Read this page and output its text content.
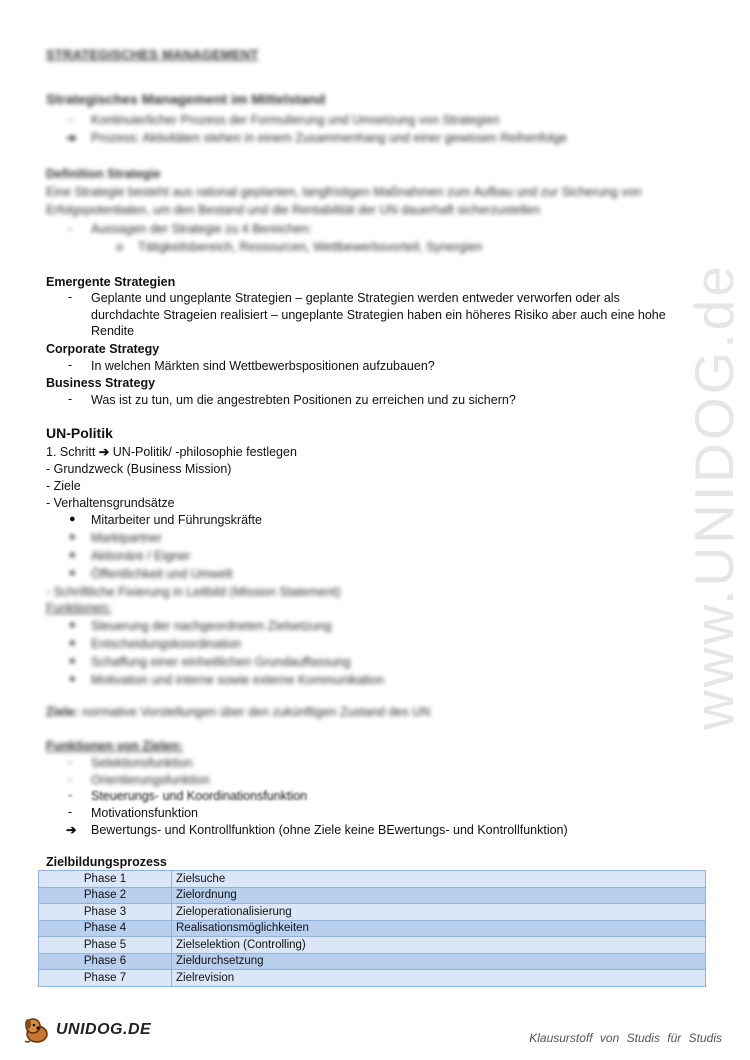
www.UNIDOG.de
STRATEGISCHES MANAGEMENT
Strategisches Management im Mittelstand
- Kontinuierlicher Prozess der Formulierung und Umsetzung von Strategien
➔ Prozess: Aktivitäten stehen in einem Zusammenhang und einer gewissen Reihenfolge
Definition Strategie
Eine Strategie besteht aus rational geplanten, langfristigen Maßnahmen zum Aufbau und zur Sicherung von
Erfolgspotentialen, um den Bestand und die Rentabilität der UN dauerhaft sicherzustellen
- Aussagen der Strategie zu 4 Bereichen:
o Tätigkeitsbereich, Ressourcen, Wettbewerbsvorteil, Synergien
Emergente Strategien
- Geplante und ungeplante Strategien – geplante Strategien werden entweder verworfen oder als durchdachte Strageien realisiert – ungeplante Strategien haben ein höheres Risiko aber auch eine hohe Rendite
Corporate Strategy
- In welchen Märkten sind Wettbewerbspositionen aufzubauen?
Business Strategy
- Was ist zu tun, um die angestrebten Positionen zu erreichen und zu sichern?
UN-Politik
1. Schritt ➔ UN-Politik/ -philosophie festlegen
- Grundzweck (Business Mission)
- Ziele
- Verhaltensgrundsätze
● Mitarbeiter und Führungskräfte
● Marktpartner
● Aktionäre / Eigner
● Öffentlichkeit und Umwelt
- Schriftliche Fixierung in Leitbild (Mission Statement)
Funktionen:
● Steuerung der nachgeordneten Zielsetzung
● Entscheidungskoordination
● Schaffung einer einheitlichen Grundauffassung
● Motivation und interne sowie externe Kommunikation
Ziele: normative Vorstellungen über den zukünftigen Zustand des UN
Funktionen von Zielen:
- Selektionsfunktion
- Orientierungsfunktion
- Steuerungs- und Koordinationsfunktion
- Motivationsfunktion
➔ Bewertungs- und Kontrollfunktion (ohne Ziele keine BEwertungs- und Kontrollfunktion)
Zielbildungsprozess
Phase 1	Zielsuche
Phase 2	Zielordnung
Phase 3	Zieloperationalisierung
Phase 4	Realisationsmöglichkeiten
Phase 5	Zielselektion (Controlling)
Phase 6	Zieldurchsetzung
Phase 7	Zielrevision
UNIDOG.DE	Klausurstoff von Studis für Studis
